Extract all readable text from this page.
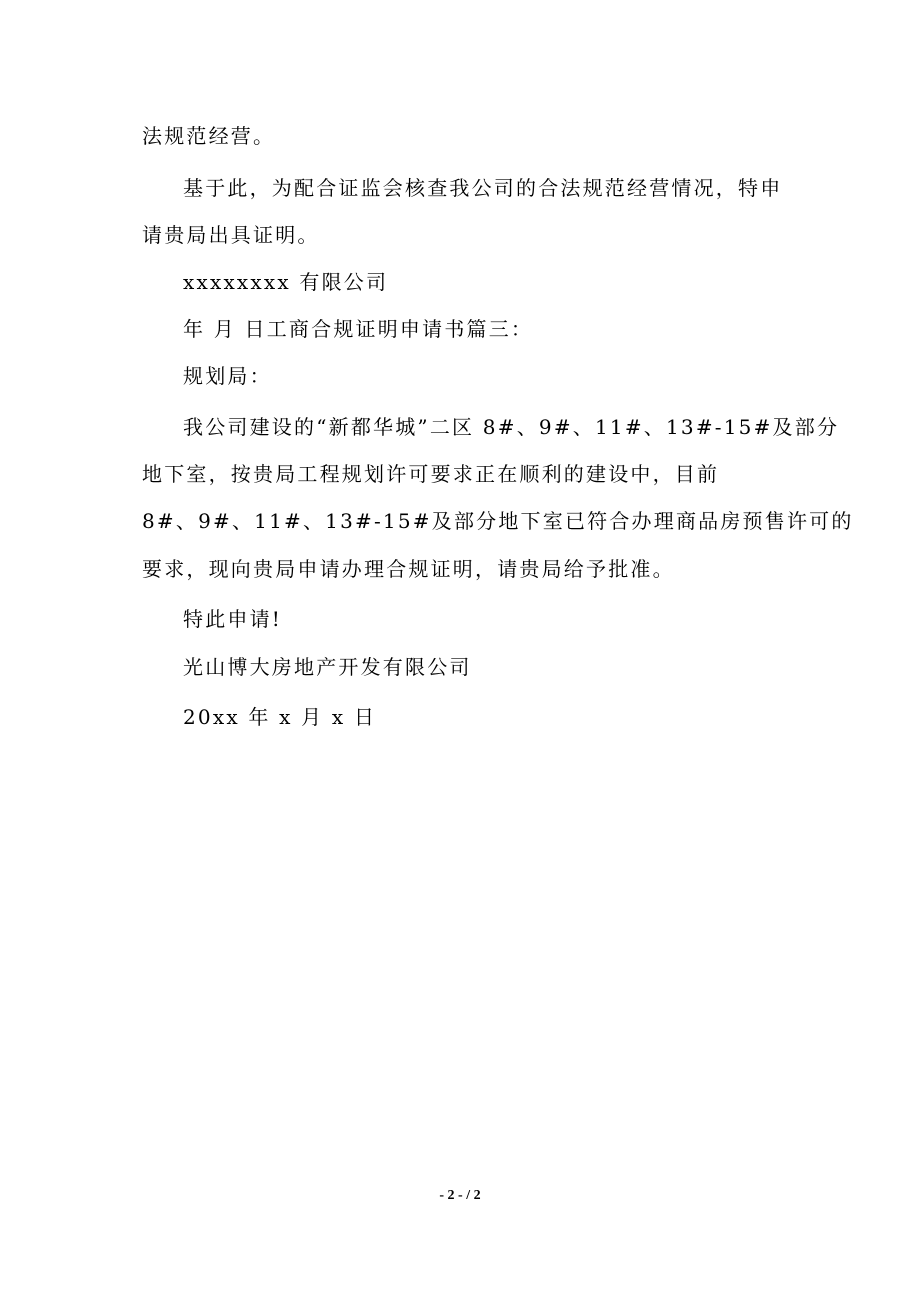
法规范经营。
基于此，为配合证监会核查我公司的合法规范经营情况，特申
请贵局出具证明。
xxxxxxxx 有限公司
年 月 日工商合规证明申请书篇三：
规划局：
我公司建设的“新都华城”二区 8#、9#、11#、13#-15#及部分
地下室，按贵局工程规划许可要求正在顺利的建设中，目前
8#、9#、11#、13#-15#及部分地下室已符合办理商品房预售许可的
要求，现向贵局申请办理合规证明，请贵局给予批准。
特此申请!
光山博大房地产开发有限公司
20xx 年 x 月 x 日
- 2 - / 2
